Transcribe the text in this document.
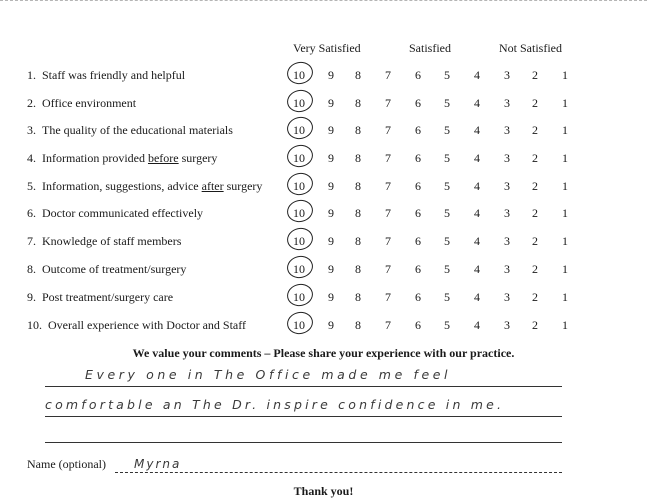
Very Satisfied	Satisfied	Not Satisfied
1. Staff was friendly and helpful	10	9	8	7	6	5	4	3	2	1
2. Office environment	10	9	8	7	6	5	4	3	2	1
3. The quality of the educational materials	10	9	8	7	6	5	4	3	2	1
4. Information provided before surgery	10	9	8	7	6	5	4	3	2	1
5. Information, suggestions, advice after surgery	10	9	8	7	6	5	4	3	2	1
6. Doctor communicated effectively	10	9	8	7	6	5	4	3	2	1
7. Knowledge of staff members	10	9	8	7	6	5	4	3	2	1
8. Outcome of treatment/surgery	10	9	8	7	6	5	4	3	2	1
9. Post treatment/surgery care	10	9	8	7	6	5	4	3	2	1
10. Overall experience with Doctor and Staff	10	9	8	7	6	5	4	3	2	1
We value your comments – Please share your experience with our practice.
Every one in The Office made me feel
comfortable an The Dr. inspire confidence in me.
Name (optional) Myrna
Thank you!
